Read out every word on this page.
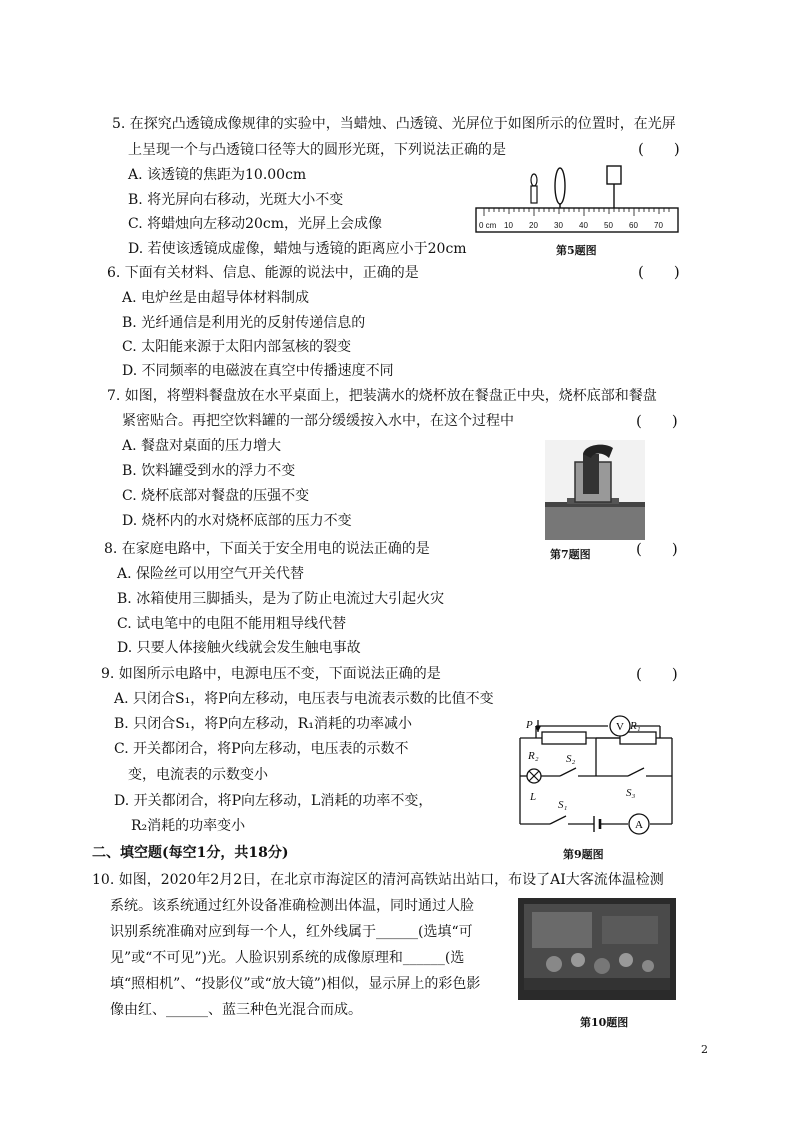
5. 在探究凸透镜成像规律的实验中，当蜡烛、凸透镜、光屏位于如图所示的位置时，在光屏
上呈现一个与凸透镜口径等大的圆形光斑，下列说法正确的是	(　　)
A. 该透镜的焦距为10.00cm
B. 将光屏向右移动，光斑大小不变
C. 将蜡烛向左移动20cm，光屏上会成像
D. 若使该透镜成虚像，蜡烛与透镜的距离应小于20cm
0 cm 10 20 30 40 50 60 70
第5题图
6. 下面有关材料、信息、能源的说法中，正确的是	(　　)
A. 电炉丝是由超导体材料制成
B. 光纤通信是利用光的反射传递信息的
C. 太阳能来源于太阳内部氢核的裂变
D. 不同频率的电磁波在真空中传播速度不同
7. 如图，将塑料餐盘放在水平桌面上，把装满水的烧杯放在餐盘正中央，烧杯底部和餐盘
紧密贴合。再把空饮料罐的一部分缓缓按入水中，在这个过程中	(　　)
A. 餐盘对桌面的压力增大
B. 饮料罐受到水的浮力不变
C. 烧杯底部对餐盘的压强不变
D. 烧杯内的水对烧杯底部的压力不变
第7题图
8. 在家庭电路中，下面关于安全用电的说法正确的是	(　　)
A. 保险丝可以用空气开关代替
B. 冰箱使用三脚插头，是为了防止电流过大引起火灾
C. 试电笔中的电阻不能用粗导线代替
D. 只要人体接触火线就会发生触电事故
9. 如图所示电路中，电源电压不变，下面说法正确的是	(　　)
A. 只闭合S₁，将P向左移动，电压表与电流表示数的比值不变
B. 只闭合S₁，将P向左移动，R₁消耗的功率减小
C. 开关都闭合，将P向左移动，电压表的示数不
变，电流表的示数变小
D. 开关都闭合，将P向左移动，L消耗的功率不变，
R₂消耗的功率变小
V
A
P	R₁
R₂ S₂
L	S₃
S₁
第9题图
二、填空题(每空1分，共18分)
10. 如图，2020年2月2日，在北京市海淀区的清河高铁站出站口，布设了AI大客流体温检测
系统。该系统通过红外设备准确检测出体温，同时通过人脸
识别系统准确对应到每一个人，红外线属于______(选填“可
见”或“不可见”)光。人脸识别系统的成像原理和______(选
填“照相机”、“投影仪”或“放大镜”)相似，显示屏上的彩色影
像由红、______、蓝三种色光混合而成。
第10题图
2
